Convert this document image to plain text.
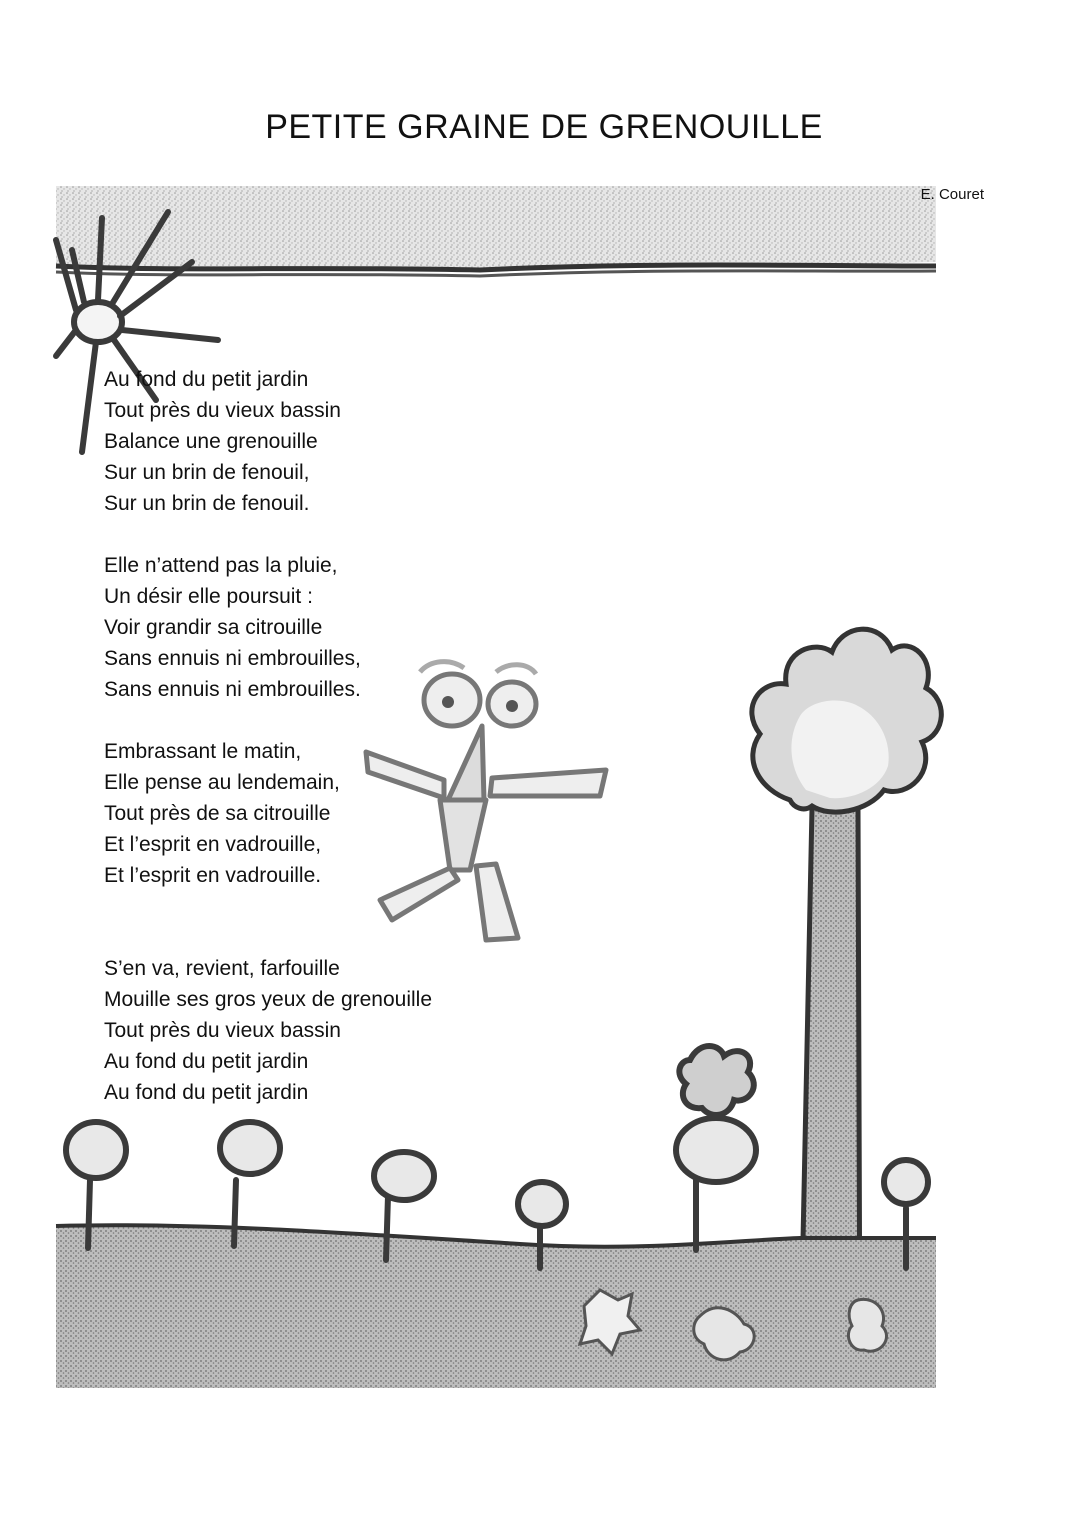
PETITE GRAINE DE GRENOUILLE
E. Couret
Au fond du petit jardin
Tout près du vieux bassin
Balance une grenouille
Sur un brin de fenouil,
Sur un brin de fenouil.
Elle n’attend pas la pluie,
Un désir elle poursuit :
Voir grandir sa citrouille
Sans ennuis ni embrouilles,
Sans ennuis ni embrouilles.
Embrassant le matin,
Elle pense au lendemain,
Tout près de sa citrouille
Et l’esprit en vadrouille,
Et l’esprit en vadrouille.
S’en va, revient, farfouille
Mouille ses gros yeux de grenouille
Tout près du vieux bassin
Au fond du petit jardin
Au fond du petit jardin
